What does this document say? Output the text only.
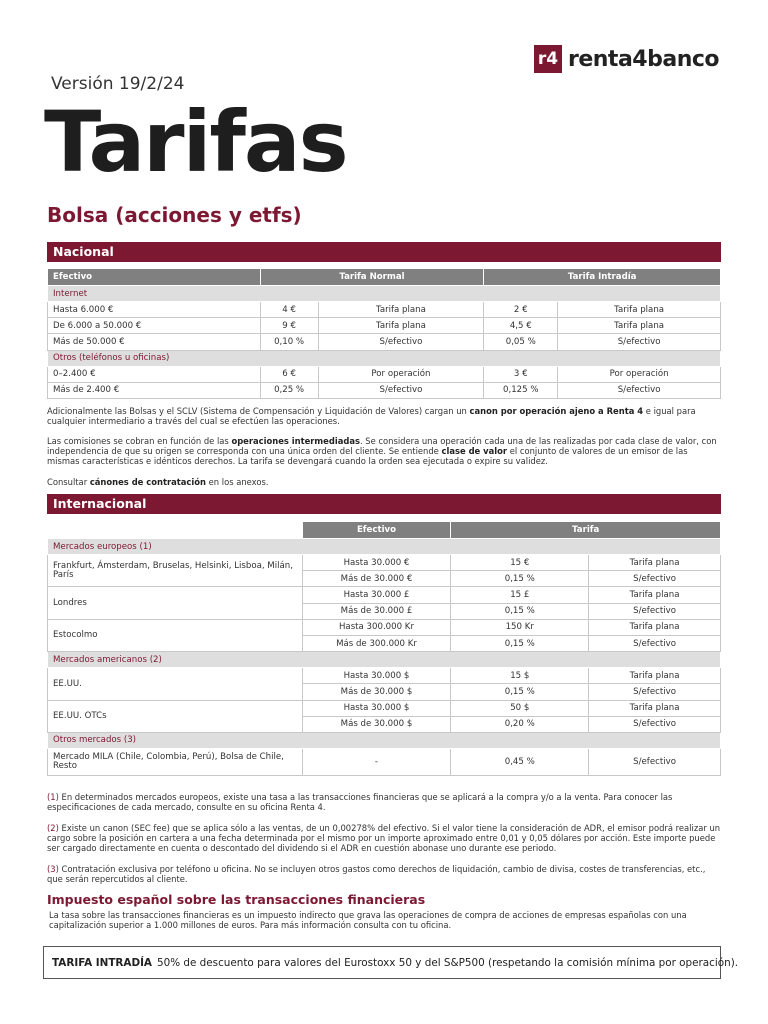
r4 renta4banco
Versión 19/2/24
Tarifas
Bolsa (acciones y etfs)
Nacional
Efectivo	Tarifa Normal		Tarifa Intradía	
Internet				
Hasta 6.000 €	4 €	Tarifa plana	2 €	Tarifa plana
De 6.000 a 50.000 €	9 €	Tarifa plana	4,5 €	Tarifa plana
Más de 50.000 €	0,10 %	S/efectivo	0,05 %	S/efectivo
Otros (teléfonos u oficinas)				
0–2.400 €	6 €	Por operación	3 €	Por operación
Más de 2.400 €	0,25 %	S/efectivo	0,125 %	S/efectivo
Adicionalmente las Bolsas y el SCLV (Sistema de Compensación y Liquidación de Valores) cargan un canon por operación ajeno a Renta 4 e igual para cualquier intermediario a través del cual se efectúen las operaciones.
Las comisiones se cobran en función de las operaciones intermediadas. Se considera una operación cada una de las realizadas por cada clase de valor, con independencia de que su origen se corresponda con una única orden del cliente. Se entiende clase de valor el conjunto de valores de un emisor de las mismas características e idénticos derechos. La tarifa se devengará cuando la orden sea ejecutada o expire su validez.
Consultar cánones de contratación en los anexos.
Internacional
	Efectivo	Tarifa	
Mercados europeos (1)			
Frankfurt, Ámsterdam, Bruselas, Helsinki, Lisboa, Milán, París	Hasta 30.000 €	15 €	Tarifa plana
	Más de 30.000 €	0,15 %	S/efectivo
Londres	Hasta 30.000 £	15 £	Tarifa plana
	Más de 30.000 £	0,15 %	S/efectivo
Estocolmo	Hasta 300.000 Kr	150 Kr	Tarifa plana
	Más de 300.000 Kr	0,15 %	S/efectivo
Mercados americanos (2)			
EE.UU.	Hasta 30.000 $	15 $	Tarifa plana
	Más de 30.000 $	0,15 %	S/efectivo
EE.UU. OTCs	Hasta 30.000 $	50 $	Tarifa plana
	Más de 30.000 $	0,20 %	S/efectivo
Otros mercados (3)			
Mercado MILA (Chile, Colombia, Perú), Bolsa de Chile, Resto	-	0,45 %	S/efectivo
(1) En determinados mercados europeos, existe una tasa a las transacciones financieras que se aplicará a la compra y/o a la venta. Para conocer las especificaciones de cada mercado, consulte en su oficina Renta 4.
(2) Existe un canon (SEC fee) que se aplica sólo a las ventas, de un 0,00278% del efectivo. Si el valor tiene la consideración de ADR, el emisor podrá realizar un cargo sobre la posición en cartera a una fecha determinada por el mismo por un importe aproximado entre 0,01 y 0,05 dólares por acción. Este importe puede ser cargado directamente en cuenta o descontado del dividendo si el ADR en cuestión abonase uno durante ese periodo.
(3) Contratación exclusiva por teléfono u oficina. No se incluyen otros gastos como derechos de liquidación, cambio de divisa, costes de transferencias, etc., que serán repercutidos al cliente.
Impuesto español sobre las transacciones financieras
La tasa sobre las transacciones financieras es un impuesto indirecto que grava las operaciones de compra de acciones de empresas españolas con una capitalización superior a 1.000 millones de euros. Para más información consulta con tu oficina.
TARIFA INTRADÍA 50% de descuento para valores del Eurostoxx 50 y del S&P500 (respetando la comisión mínima por operación).
